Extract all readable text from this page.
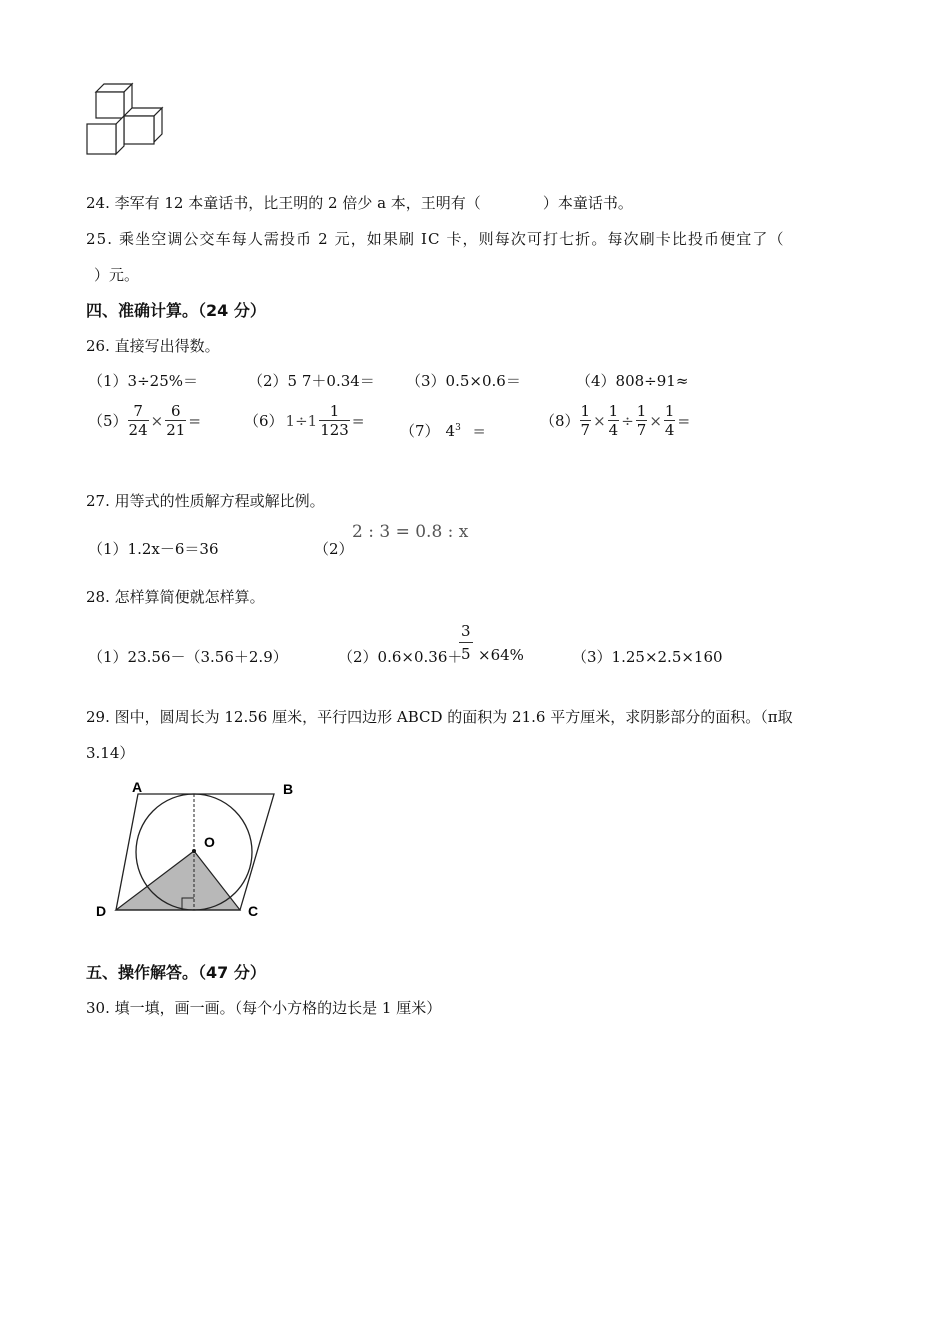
24. 李军有 12 本童话书，比王明的 2 倍少 a 本，王明有（	）本童话书。
25. 乘坐空调公交车每人需投币 2 元，如果刷 IC 卡，则每次可打七折。每次刷卡比投币便宜了（
）元。
四、准确计算。（24 分）
26. 直接写出得数。
（1）3÷25%＝	（2）5 7＋0.34＝ （3）0.5×0.6＝	（4）808÷91≈
$(5) \frac{7}{24} \times \frac{6}{21}$ =	（6） $1\div 1 \frac{1}{123}$ =
（7） $4^3$ =
$(8) \frac{1}{7} \times \frac{1}{4} \div \frac{1}{7} \times \frac{1}{4}$ =
27. 用等式的性质解方程或解比例。
（1）1.2x－6＝36	（2）
2 : 3 = 0.8 : x
28. 怎样算简便就怎样算。
（1）23.56－（3.56＋2.9）	（2）0.6×0.36＋
$\frac{3}{5} \times 64\%$	（3）1.25×2.5×160
29. 图中，圆周长为 12.56 厘米，平行四边形 ABCD 的面积为 21.6 平方厘米，求阴影部分的面积。（π取
3.14）
A	B
O
D	C
五、操作解答。（47 分）
30. 填一填，画一画。（每个小方格的边长是 1 厘米）
